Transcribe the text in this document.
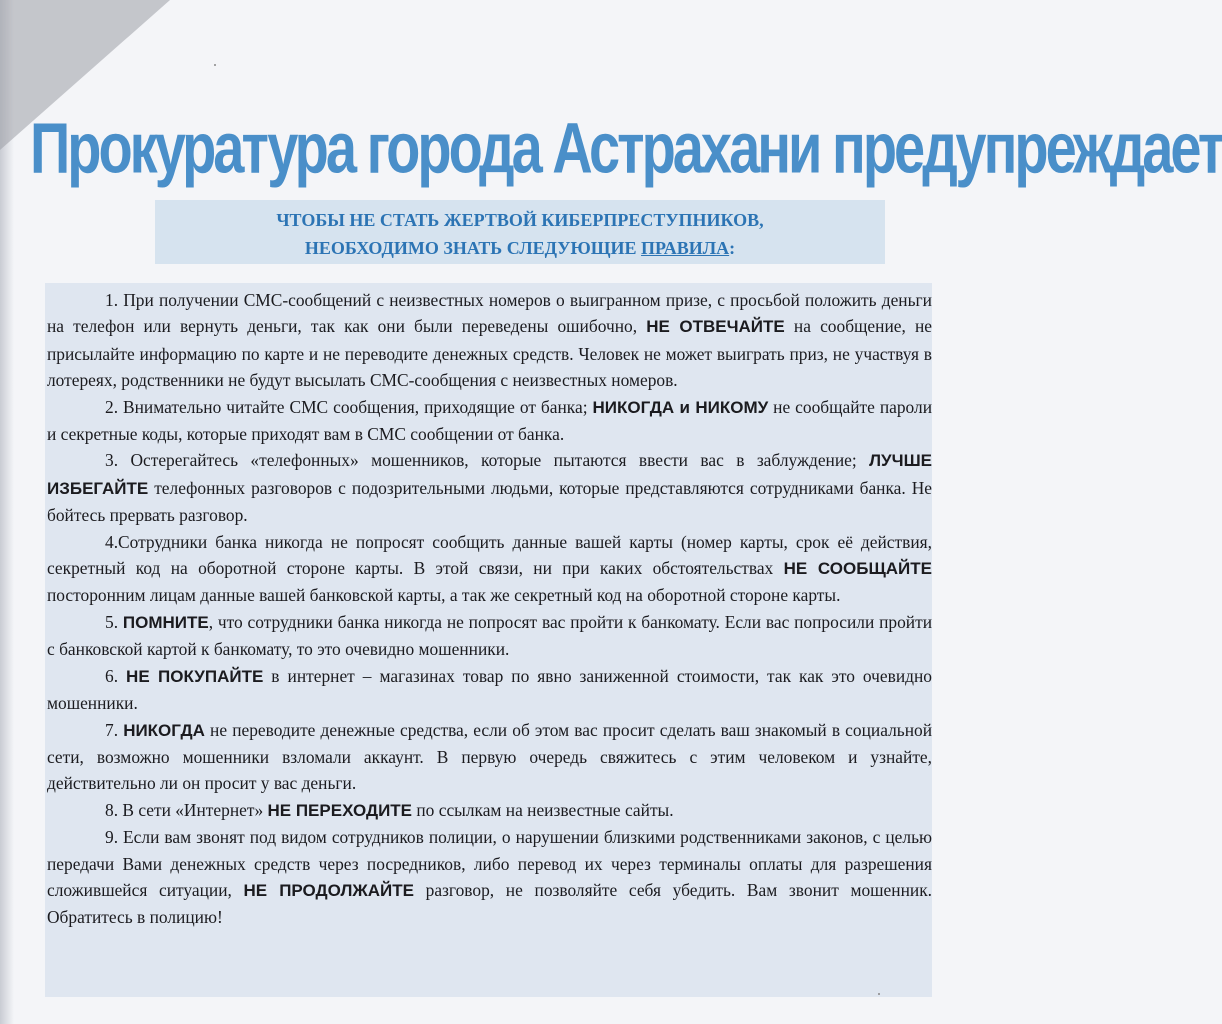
Прокуратура города Астрахани предупреждает
ЧТОБЫ НЕ СТАТЬ ЖЕРТВОЙ КИБЕРПРЕСТУПНИКОВ,
НЕОБХОДИМО ЗНАТЬ СЛЕДУЮЩИЕ ПРАВИЛА:

1. При получении СМС-сообщений с неизвестных номеров о выигранном призе, с просьбой положить деньги на телефон или вернуть деньги, так как они были переведены ошибочно, НЕ ОТВЕЧАЙТЕ на сообщение, не присылайте информацию по карте и не переводите денежных средств. Человек не может выиграть приз, не участвуя в лотереях, родственники не будут высылать СМС-сообщения с неизвестных номеров.

2. Внимательно читайте СМС сообщения, приходящие от банка; НИКОГДА и НИКОМУ не сообщайте пароли и секретные коды, которые приходят вам в СМС сообщении от банка.

3. Остерегайтесь «телефонных» мошенников, которые пытаются ввести вас в заблуждение; ЛУЧШЕ ИЗБЕГАЙТЕ телефонных разговоров с подозрительными людьми, которые представляются сотрудниками банка. Не бойтесь прервать разговор.

4.Сотрудники банка никогда не попросят сообщить данные вашей карты (номер карты, срок её действия, секретный код на оборотной стороне карты. В этой связи, ни при каких обстоятельствах НЕ СООБЩАЙТЕ посторонним лицам данные вашей банковской карты, а так же секретный код на оборотной стороне карты.

5. ПОМНИТЕ, что сотрудники банка никогда не попросят вас пройти к банкомату. Если вас попросили пройти с банковской картой к банкомату, то это очевидно мошенники.

6. НЕ ПОКУПАЙТЕ в интернет – магазинах товар по явно заниженной стоимости, так как это очевидно мошенники.

7. НИКОГДА не переводите денежные средства, если об этом вас просит сделать ваш знакомый в социальной сети, возможно мошенники взломали аккаунт. В первую очередь свяжитесь с этим человеком и узнайте, действительно ли он просит у вас деньги.

8. В сети «Интернет» НЕ ПЕРЕХОДИТЕ по ссылкам на неизвестные сайты.

9. Если вам звонят под видом сотрудников полиции, о нарушении близкими родственниками законов, с целью передачи Вами денежных средств через посредников, либо перевод их через терминалы оплаты для разрешения сложившейся ситуации, НЕ ПРОДОЛЖАЙТЕ разговор, не позволяйте себя убедить. Вам звонит мошенник. Обратитесь в полицию!
